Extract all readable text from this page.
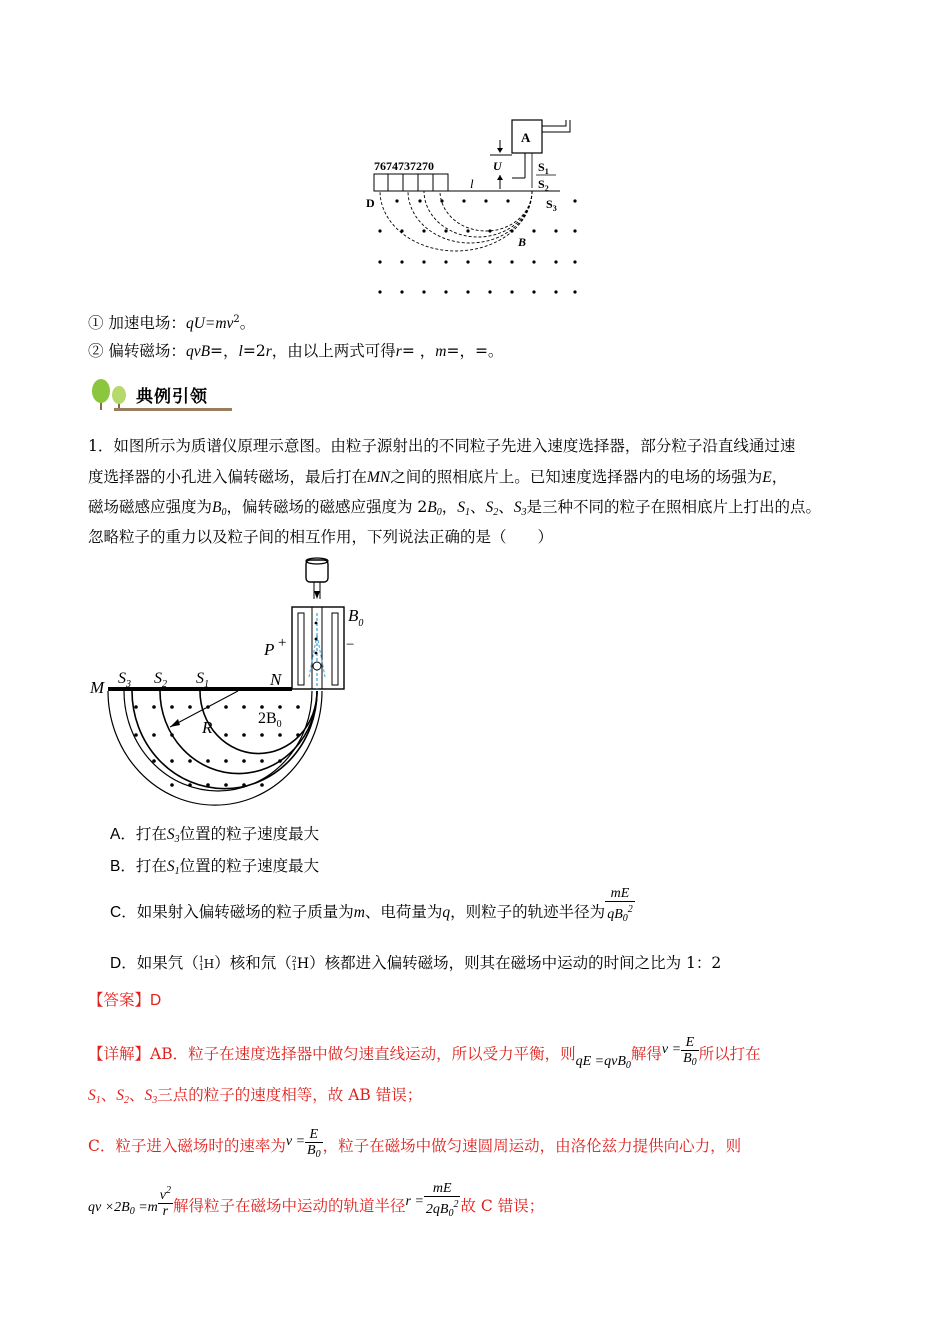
A
U	$S_1$
$S_2$
$S_3$
7674737270
l
D
B
① 加速电场：$qU=mv^2$。
② 偏转磁场：qvB=，l=2r，由以上两式可得r= ，m=，=。
典例引领
1．如图所示为质谱仪原理示意图。由粒子源射出的不同粒子先进入速度选择器，部分粒子沿直线通过速
度选择器的小孔进入偏转磁场，最后打在MN之间的照相底片上。已知速度选择器内的电场的场强为E，
磁场磁感应强度为$B_0$，偏转磁场的磁感应强度为 $2B_0$，$S_1$、$S_2$、$S_3$是三种不同的粒子在照相底片上打出的点。
忽略粒子的重力以及粒子间的相互作用，下列说法正确的是（　　）
$B_0$
P +	−
M	N
$S_3$ $S_2$ $S_1$
R	$2B_0$
A．打在$S_3$位置的粒子速度最大
B．打在$S_1$位置的粒子速度最大
C．如果射入偏转磁场的粒子质量为m、电荷量为q，则粒子的轨迹半径为 $\frac{mE}{qB_0^2}$
D．如果氕（ 1
1 H）核和氘（ 2
1 H）核都进入偏转磁场，则其在磁场中运动的时间之比为 1：2
【答案】D
【详解】AB．粒子在速度选择器中做匀速直线运动，所以受力平衡，则qE =qvB$_0$解得$v = \frac{E}{B_0}$ 所以打在
$S_1$、$S_2$、$S_3$三点的粒子的速度相等，故 AB 错误；
C．粒子进入磁场时的速率为$v = \frac{E}{B_0}$ ，粒子在磁场中做匀速圆周运动，由洛伦兹力提供向心力，则
qv $\times 2B_0 =m \frac{v^2}{r}$ 解得粒子在磁场中运动的轨道半径$r = \frac{mE}{2qB_0^2}$ 故 C 错误；
